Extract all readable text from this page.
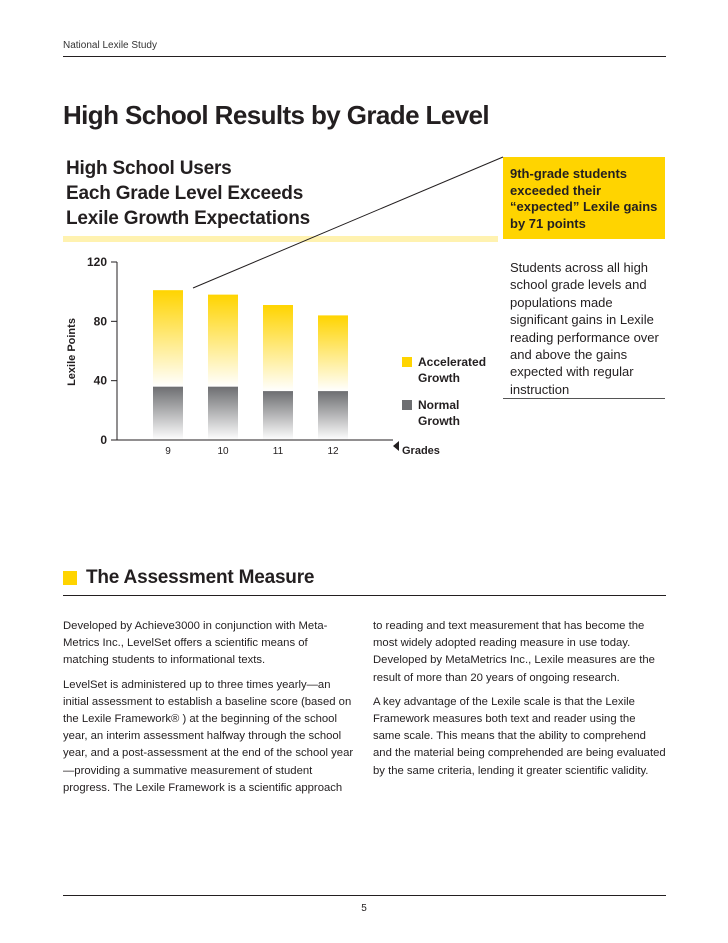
National Lexile Study
High School Results by Grade Level
High School Users
Each Grade Level Exceeds
Lexile Growth Expectations
9th-grade students exceeded their “expected” Lexile gains by 71 points
Students across all high school grade levels and populations made significant gains in Lexile reading performance over and above the gains expected with regular instruction
Grades
Lexile Points	Accelerated Growth
Normal Growth
9	10	11	12
0
40
80
120
The Assessment Measure

Developed by Achieve3000 in conjunction with Meta-Metrics Inc., LevelSet offers a scientific means of matching students to informational texts.

LevelSet is administered up to three times yearly—an initial assessment to establish a baseline score (based on the Lexile Framework® ) at the beginning of the school year, an interim assessment halfway through the school year, and a post-assessment at the end of the school year—providing a summative measurement of student progress. The Lexile Framework is a scientific approach

to reading and text measurement that has become the most widely adopted reading measure in use today. Developed by MetaMetrics Inc., Lexile measures are the result of more than 20 years of ongoing research.

A key advantage of the Lexile scale is that the Lexile Framework measures both text and reader using the same scale. This means that the ability to comprehend and the material being comprehended are being evaluated by the same criteria, lending it greater scientific validity.

5
